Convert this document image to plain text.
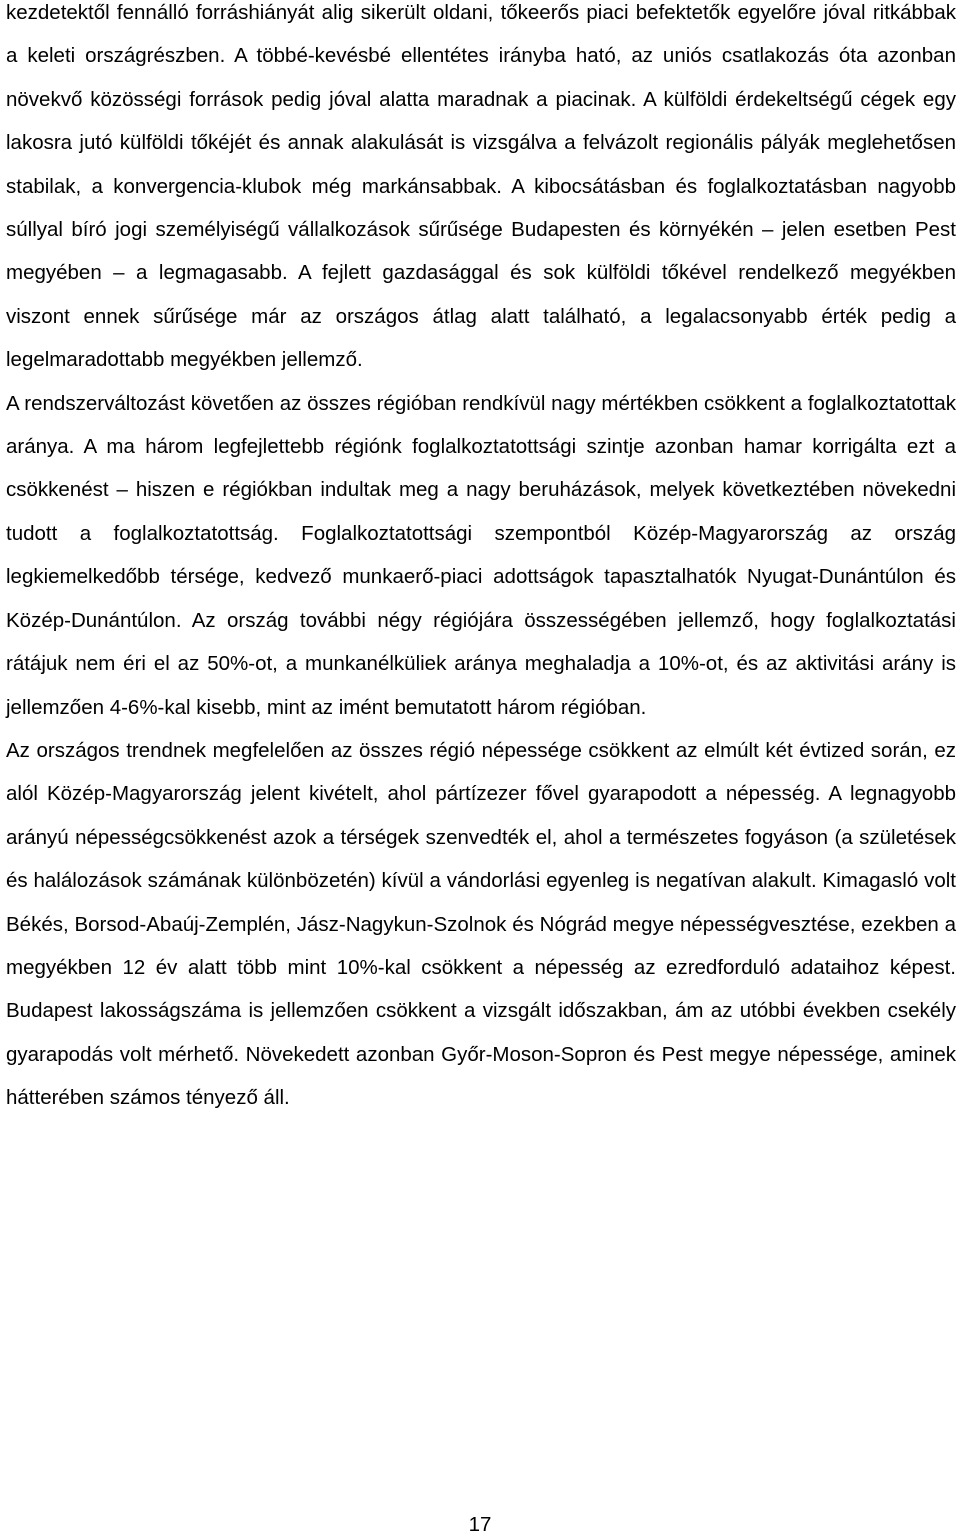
kezdetektől fennálló forráshiányát alig sikerült oldani, tőkeerős piaci befektetők egyelőre jóval ritkábbak a keleti országrészben. A többé-kevésbé ellentétes irányba ható, az uniós csatlakozás óta azonban növekvő közösségi források pedig jóval alatta maradnak a piacinak. A külföldi érdekeltségű cégek egy lakosra jutó külföldi tőkéjét és annak alakulását is vizsgálva a felvázolt regionális pályák meglehetősen stabilak, a konvergencia-klubok még markánsabbak. A kibocsátásban és foglalkoztatásban nagyobb súllyal bíró jogi személyiségű vállalkozások sűrűsége Budapesten és környékén – jelen esetben Pest megyében – a legmagasabb. A fejlett gazdasággal és sok külföldi tőkével rendelkező megyékben viszont ennek sűrűsége már az országos átlag alatt található, a legalacsonyabb érték pedig a legelmaradottabb megyékben jellemző.

A rendszerváltozást követően az összes régióban rendkívül nagy mértékben csökkent a foglalkoztatottak aránya. A ma három legfejlettebb régiónk foglalkoztatottsági szintje azonban hamar korrigálta ezt a csökkenést – hiszen e régiókban indultak meg a nagy beruházások, melyek következtében növekedni tudott a foglalkoztatottság. Foglalkoztatottsági szempontból Közép-Magyarország az ország legkiemelkedőbb térsége, kedvező munkaerő-piaci adottságok tapasztalhatók Nyugat-Dunántúlon és Közép-Dunántúlon. Az ország további négy régiójára összességében jellemző, hogy foglalkoztatási rátájuk nem éri el az 50%-ot, a munkanélküliek aránya meghaladja a 10%-ot, és az aktivitási arány is jellemzően 4-6%-kal kisebb, mint az imént bemutatott három régióban.

Az országos trendnek megfelelően az összes régió népessége csökkent az elmúlt két évtized során, ez alól Közép-Magyarország jelent kivételt, ahol pártízezer fővel gyarapodott a népesség. A legnagyobb arányú népességcsökkenést azok a térségek szenvedték el, ahol a természetes fogyáson (a születések és halálozások számának különbözetén) kívül a vándorlási egyenleg is negatívan alakult. Kimagasló volt Békés, Borsod-Abaúj-Zemplén, Jász-Nagykun-Szolnok és Nógrád megye népességvesztése, ezekben a megyékben 12 év alatt több mint 10%-kal csökkent a népesség az ezredforduló adataihoz képest. Budapest lakosságszáma is jellemzően csökkent a vizsgált időszakban, ám az utóbbi években csekély gyarapodás volt mérhető. Növekedett azonban Győr-Moson-Sopron és Pest megye népessége, aminek hátterében számos tényező áll.

17
